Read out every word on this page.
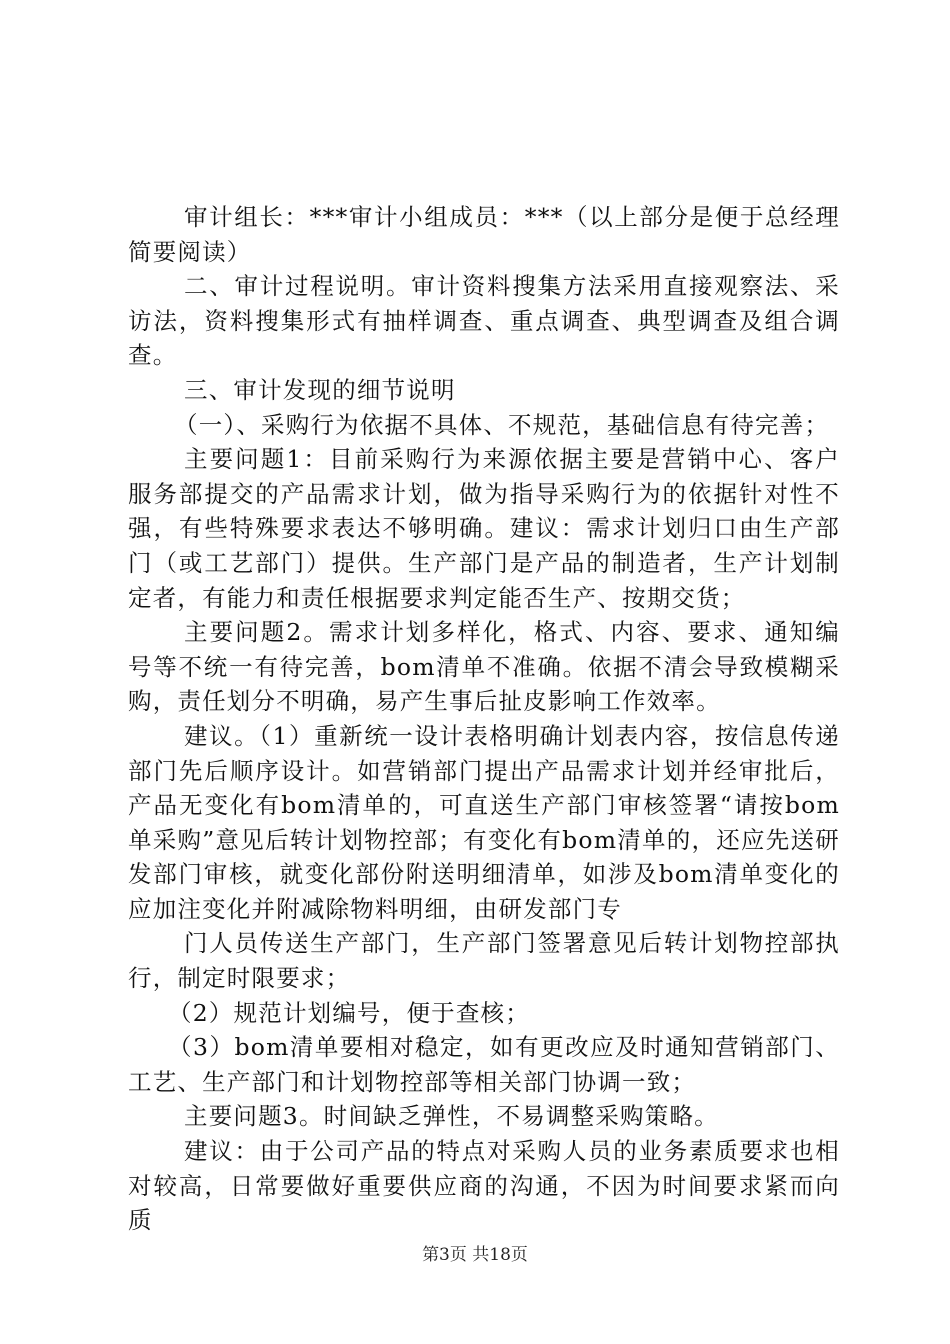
审计组长：***审计小组成员：***（以上部分是便于总经理简要阅读）

二、审计过程说明。审计资料搜集方法采用直接观察法、采访法，资料搜集形式有抽样调查、重点调查、典型调查及组合调查。

三、审计发现的细节说明

（一）、采购行为依据不具体、不规范，基础信息有待完善；

主要问题1：目前采购行为来源依据主要是营销中心、客户服务部提交的产品需求计划，做为指导采购行为的依据针对性不强，有些特殊要求表达不够明确。建议：需求计划归口由生产部门（或工艺部门）提供。生产部门是产品的制造者，生产计划制定者，有能力和责任根据要求判定能否生产、按期交货；

主要问题2。需求计划多样化，格式、内容、要求、通知编号等不统一有待完善，bom清单不准确。依据不清会导致模糊采购，责任划分不明确，易产生事后扯皮影响工作效率。

建议。（1）重新统一设计表格明确计划表内容，按信息传递部门先后顺序设计。如营销部门提出产品需求计划并经审批后，产品无变化有bom清单的，可直送生产部门审核签署“请按bom单采购”意见后转计划物控部；有变化有bom清单的，还应先送研发部门审核，就变化部份附送明细清单，如涉及bom清单变化的应加注变化并附减除物料明细，由研发部门专

门人员传送生产部门，生产部门签署意见后转计划物控部执行，制定时限要求；

（2）规范计划编号，便于查核；

（3）bom清单要相对稳定，如有更改应及时通知营销部门、工艺、生产部门和计划物控部等相关部门协调一致；

主要问题3。时间缺乏弹性，不易调整采购策略。

建议：由于公司产品的特点对采购人员的业务素质要求也相对较高，日常要做好重要供应商的沟通，不因为时间要求紧而向质

第3页 共18页
